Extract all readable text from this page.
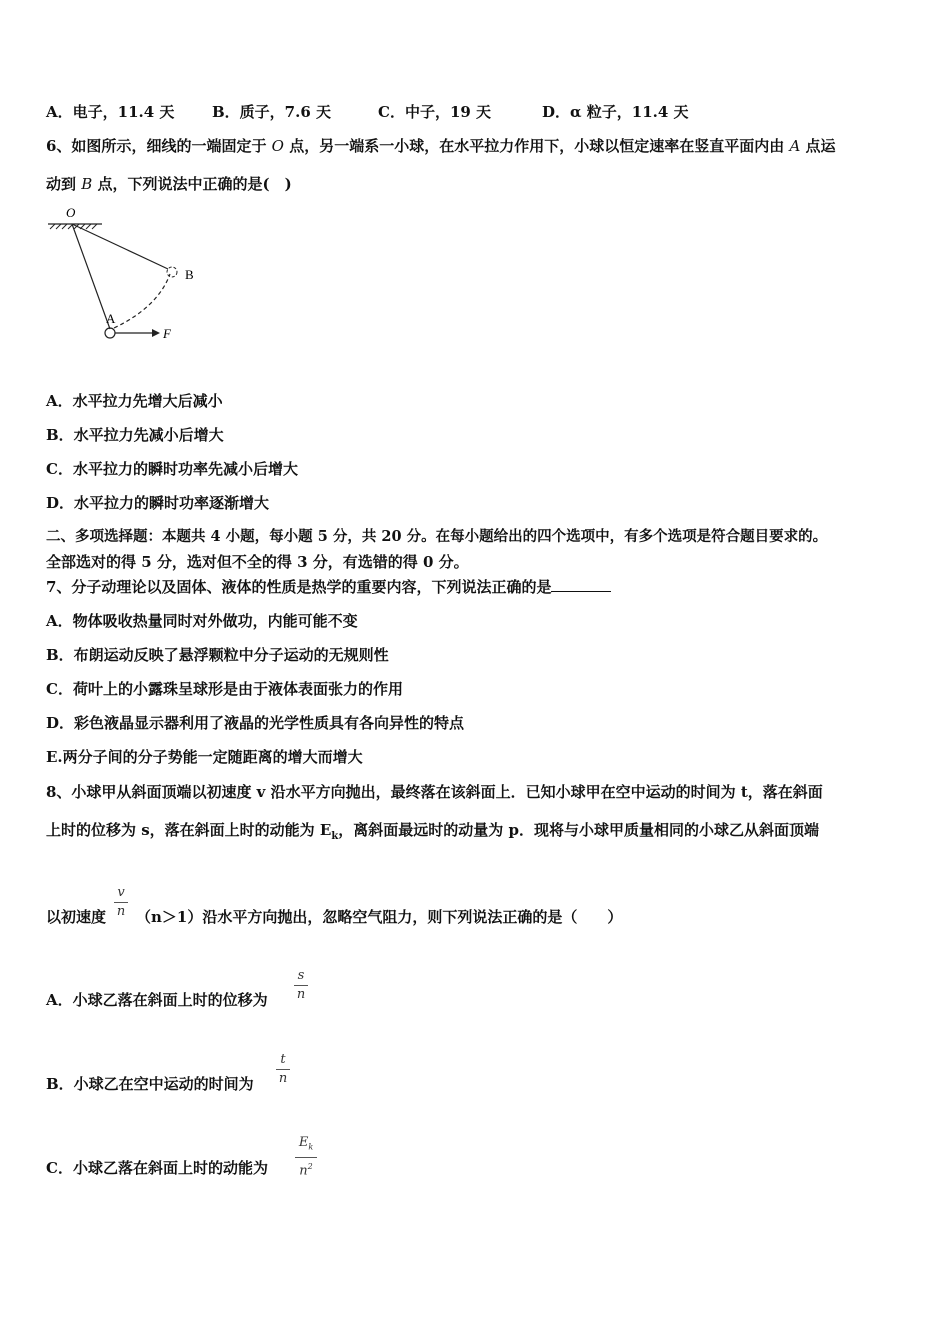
A．电子，11.4 天	B．质子，7.6 天	C．中子，19 天	D．α 粒子，11.4 天
6、如图所示，细线的一端固定于 O 点，另一端系一小球，在水平拉力作用下，小球以恒定速率在竖直平面内由 A 点运
动到 B 点，下列说法中正确的是(　)
O
B
A
F
A．水平拉力先增大后减小
B．水平拉力先减小后增大
C．水平拉力的瞬时功率先减小后增大
D．水平拉力的瞬时功率逐渐增大
二、多项选择题：本题共 4 小题，每小题 5 分，共 20 分。在每小题给出的四个选项中，有多个选项是符合题目要求的。
全部选对的得 5 分，选对但不全的得 3 分，有选错的得 0 分。
7、分子动理论以及固体、液体的性质是热学的重要内容，下列说法正确的是
A．物体吸收热量同时对外做功，内能可能不变
B．布朗运动反映了悬浮颗粒中分子运动的无规则性
C．荷叶上的小露珠呈球形是由于液体表面张力的作用
D．彩色液晶显示器利用了液晶的光学性质具有各向异性的特点
E.两分子间的分子势能一定随距离的增大而增大
8、小球甲从斜面顶端以初速度 v 沿水平方向抛出，最终落在该斜面上．已知小球甲在空中运动的时间为 t，落在斜面
上时的位移为 s，落在斜面上时的动能为 $E_k$，离斜面最远时的动量为 p．现将与小球甲质量相同的小球乙从斜面顶端
以初速度 （n＞1）沿水平方向抛出，忽略空气阻力，则下列说法正确的是（　　）
v
n
A．小球乙落在斜面上时的位移为
s
n
B．小球乙在空中运动的时间为
t
n
C．小球乙落在斜面上时的动能为
$E_k$
$n^2$
